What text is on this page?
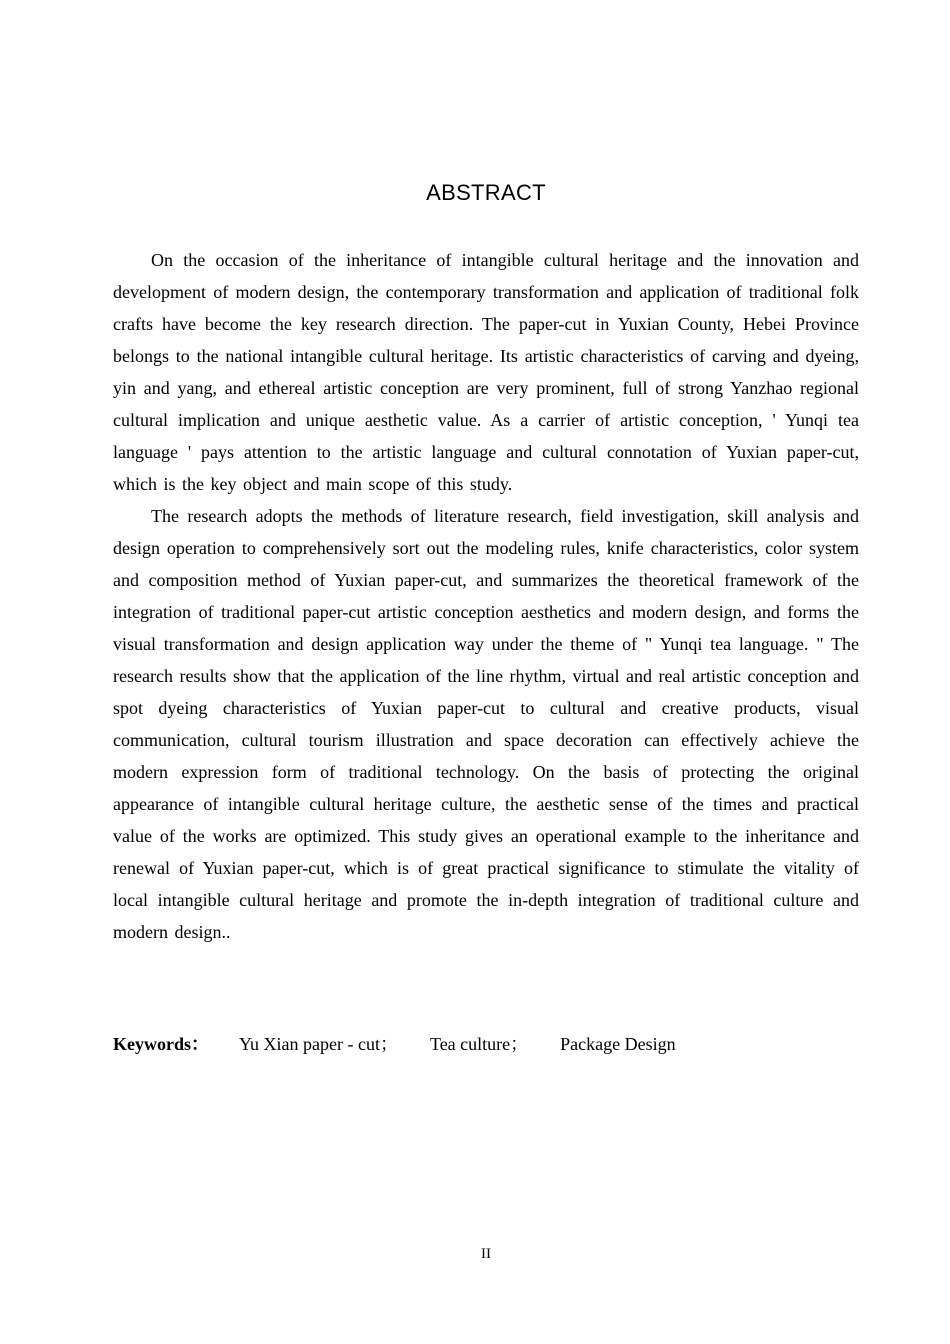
ABSTRACT

On the occasion of the inheritance of intangible cultural heritage and the innovation and development of modern design, the contemporary transformation and application of traditional folk crafts have become the key research direction. The paper-cut in Yuxian County, Hebei Province belongs to the national intangible cultural heritage. Its artistic characteristics of carving and dyeing, yin and yang, and ethereal artistic conception are very prominent, full of strong Yanzhao regional cultural implication and unique aesthetic value. As a carrier of artistic conception, ' Yunqi tea language ' pays attention to the artistic language and cultural connotation of Yuxian paper-cut, which is the key object and main scope of this study.

The research adopts the methods of literature research, field investigation, skill analysis and design operation to comprehensively sort out the modeling rules, knife characteristics, color system and composition method of Yuxian paper-cut, and summarizes the theoretical framework of the integration of traditional paper-cut artistic conception aesthetics and modern design, and forms the visual transformation and design application way under the theme of " Yunqi tea language. " The research results show that the application of the line rhythm, virtual and real artistic conception and spot dyeing characteristics of Yuxian paper-cut to cultural and creative products, visual communication, cultural tourism illustration and space decoration can effectively achieve the modern expression form of traditional technology. On the basis of protecting the original appearance of intangible cultural heritage culture, the aesthetic sense of the times and practical value of the works are optimized. This study gives an operational example to the inheritance and renewal of Yuxian paper-cut, which is of great practical significance to stimulate the vitality of local intangible cultural heritage and promote the in-depth integration of traditional culture and modern design..

Keywords： Yu Xian paper - cut； Tea culture； Package Design
II
